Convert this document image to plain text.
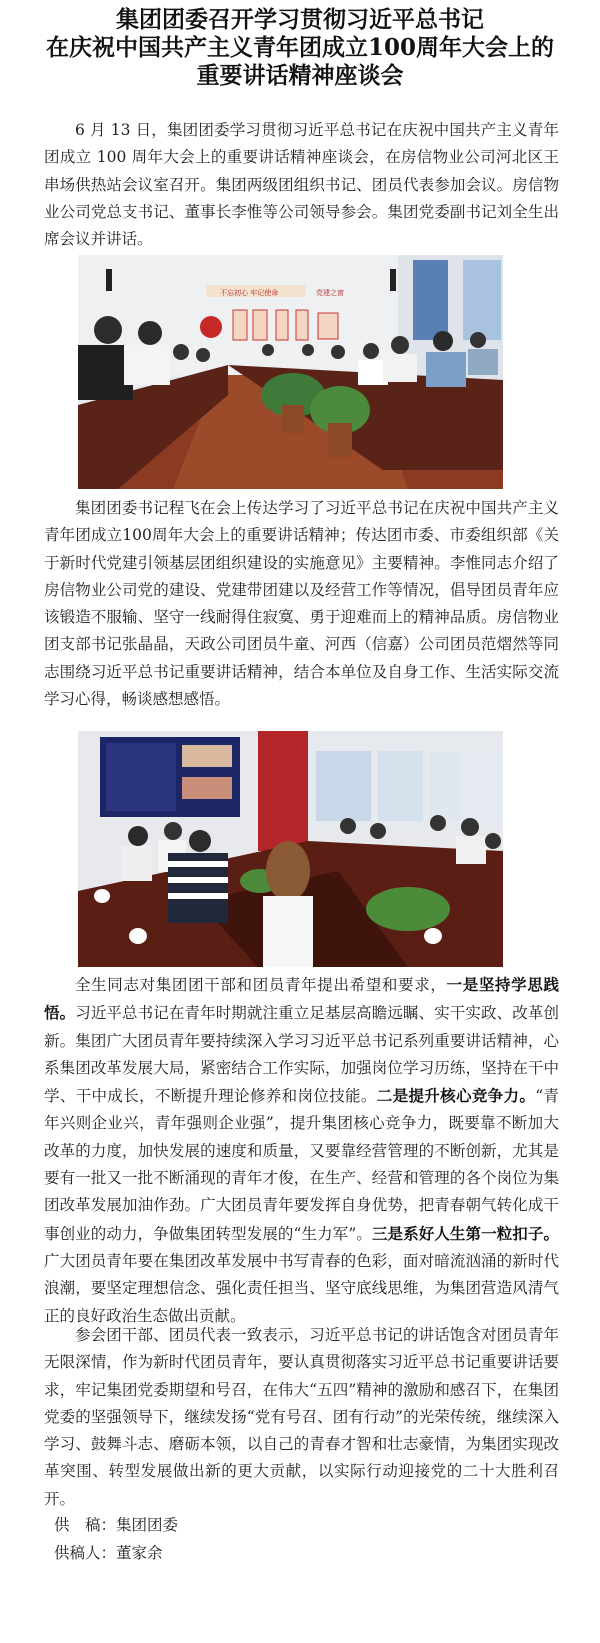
集团团委召开学习贯彻习近平总书记
在庆祝中国共产主义青年团成立100周年大会上的
重要讲话精神座谈会

6 月 13 日，集团团委学习贯彻习近平总书记在庆祝中国共产主义青年团成立 100 周年大会上的重要讲话精神座谈会，在房信物业公司河北区王串场供热站会议室召开。集团两级团组织书记、团员代表参加会议。房信物业公司党总支书记、董事长李惟等公司领导参会。集团党委副书记刘全生出席会议并讲话。

不忘初心 牢记使命	党建之窗

集团团委书记程飞在会上传达学习了习近平总书记在庆祝中国共产主义青年团成立100周年大会上的重要讲话精神；传达团市委、市委组织部《关于新时代党建引领基层团组织建设的实施意见》主要精神。李惟同志介绍了房信物业公司党的建设、党建带团建以及经营工作等情况，倡导团员青年应该锻造不服输、坚守一线耐得住寂寞、勇于迎难而上的精神品质。房信物业团支部书记张晶晶，天政公司团员牛童、河西（信嘉）公司团员范熠然等同志围绕习近平总书记重要讲话精神，结合本单位及自身工作、生活实际交流学习心得，畅谈感想感悟。

全生同志对集团团干部和团员青年提出希望和要求，一是坚持学思践悟。习近平总书记在青年时期就注重立足基层高瞻远瞩、实干实政、改革创新。集团广大团员青年要持续深入学习习近平总书记系列重要讲话精神，心系集团改革发展大局，紧密结合工作实际，加强岗位学习历练，坚持在干中学、干中成长，不断提升理论修养和岗位技能。二是提升核心竞争力。“青年兴则企业兴，青年强则企业强”，提升集团核心竞争力，既要靠不断加大改革的力度，加快发展的速度和质量，又要靠经营管理的不断创新，尤其是要有一批又一批不断涌现的青年才俊，在生产、经营和管理的各个岗位为集团改革发展加油作劲。广大团员青年要发挥自身优势，把青春朝气转化成干事创业的动力，争做集团转型发展的“生力军”。三是系好人生第一粒扣子。广大团员青年要在集团改革发展中书写青春的色彩，面对暗流汹涌的新时代浪潮，要坚定理想信念、强化责任担当、坚守底线思维，为集团营造风清气正的良好政治生态做出贡献。

参会团干部、团员代表一致表示，习近平总书记的讲话饱含对团员青年无限深情，作为新时代团员青年，要认真贯彻落实习近平总书记重要讲话要求，牢记集团党委期望和号召，在伟大“五四”精神的激励和感召下，在集团党委的坚强领导下，继续发扬“党有号召、团有行动”的光荣传统，继续深入学习、鼓舞斗志、磨砺本领，以自己的青春才智和壮志豪情，为集团实现改革突围、转型发展做出新的更大贡献，以实际行动迎接党的二十大胜利召开。

供　稿：集团团委
供稿人：董家余
